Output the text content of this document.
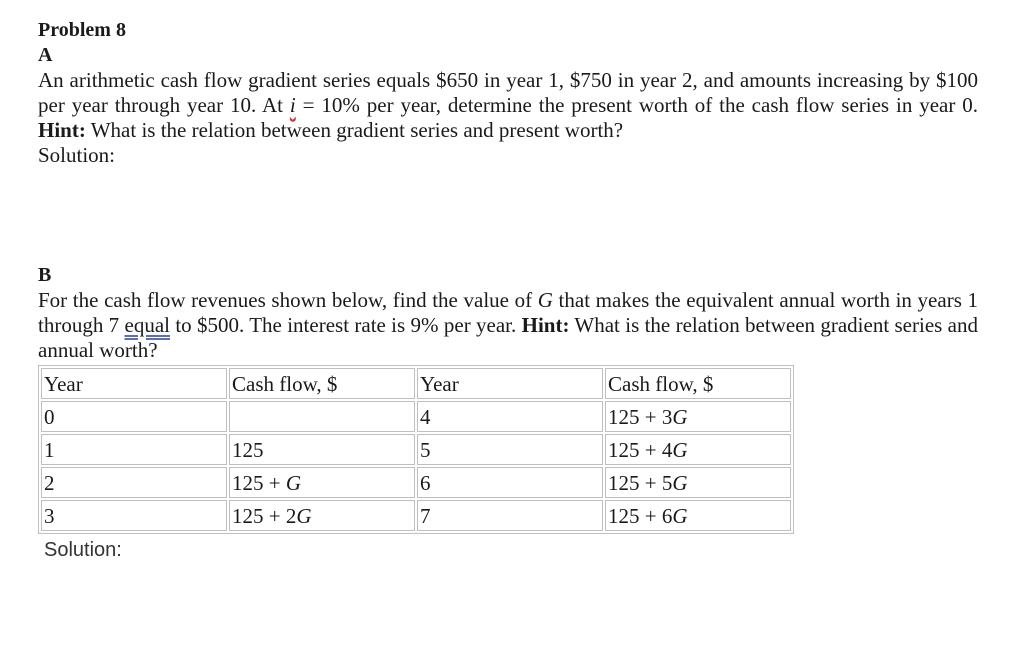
Problem 8

A

An arithmetic cash flow gradient series equals $650 in year 1, $750 in year 2, and amounts increasing by $100 per year through year 10. At i = 10% per year, determine the present worth of the cash flow series in year 0. Hint: What is the relation between gradient series and present worth?

Solution:

B

For the cash flow revenues shown below, find the value of G that makes the equivalent annual worth in years 1 through 7 equal to $500. The interest rate is 9% per year. Hint: What is the relation between gradient series and annual worth?

Year	Cash flow, $	Year	Cash flow, $
0		4	125 + 3G
1	125	5	125 + 4G
2	125 + G	6	125 + 5G
3	125 + 2G	7	125 + 6G

Solution:
